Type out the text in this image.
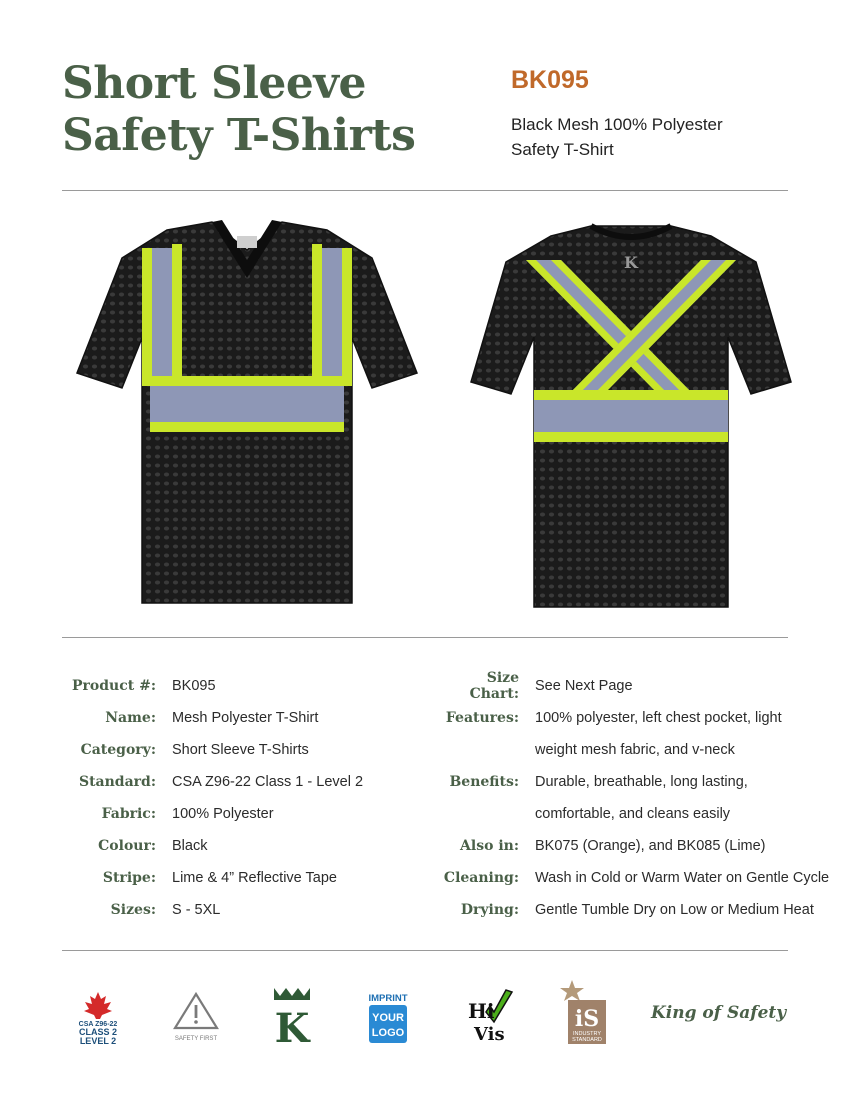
Short Sleeve
Safety T-Shirts
BK095
Black Mesh 100% Polyester
Safety T-Shirt
K
Product #:	BK095
Name:	Mesh Polyester T-Shirt
Category:	Short Sleeve T-Shirts
Standard:	CSA Z96-22 Class 1 - Level 2
Fabric:	100% Polyester
Colour:	Black
Stripe:	Lime & 4” Reflective Tape
Sizes:	S - 5XL
Size Chart:	See Next Page
Features:	100% polyester, left chest pocket, light
weight mesh fabric, and v-neck
Benefits:	Durable, breathable, long lasting,
comfortable, and cleans easily
Also in:	BK075 (Orange), and BK085 (Lime)
Cleaning:	Wash in Cold or Warm Water on Gentle Cycle
Drying:	Gentle Tumble Dry on Low or Medium Heat
CSA Z96-22
CLASS 2
LEVEL 2	SAFETY FIRST K
IMPRINT
YOUR
LOGO
Hi
Vis
iS
INDUSTRY
STANDARD
King of Safety
